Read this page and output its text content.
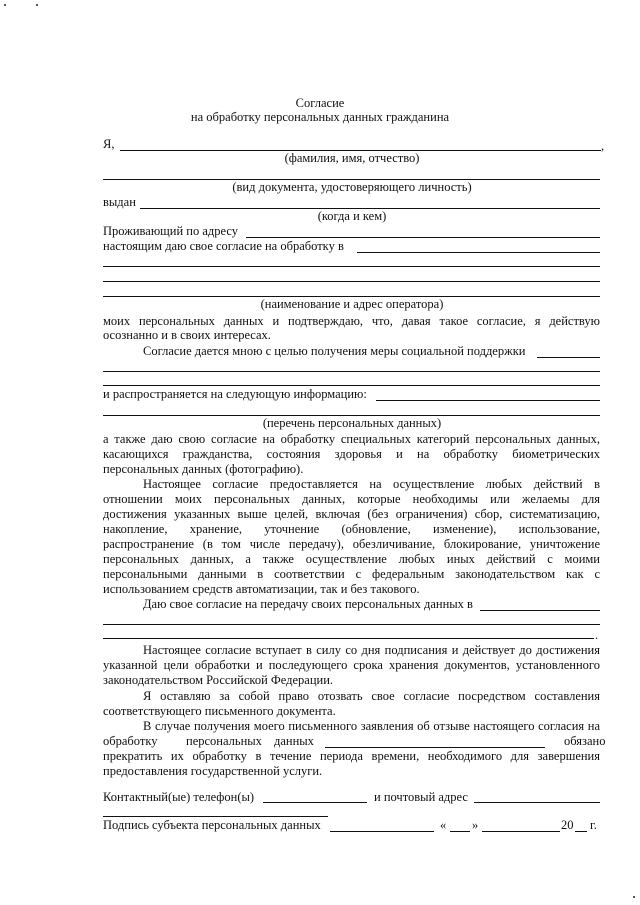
Согласие
на обработку персональных данных гражданина
Я,	,
(фамилия, имя, отчество)
(вид документа, удостоверяющего личность)
выдан
(когда и кем)
Проживающий по адресу
настоящим даю свое согласие на обработку в
(наименование и адрес оператора)
моих персональных данных и подтверждаю, что, давая такое согласие, я действую
осознанно и в своих интересах.
Согласие дается мною с целью получения меры социальной поддержки
и распространяется на следующую информацию:
(перечень персональных данных)
а также даю свою согласие на обработку специальных категорий персональных данных,
касающихся гражданства, состояния здоровья и на обработку биометрических
персональных данных (фотографию).
Настоящее согласие предоставляется на осуществление любых действий в
отношении моих персональных данных, которые необходимы или желаемы для
достижения указанных выше целей, включая (без ограничения) сбор, систематизацию,
накопление, хранение, уточнение (обновление, изменение), использование,
распространение (в том числе передачу), обезличивание, блокирование, уничтожение
персональных данных, а также осуществление любых иных действий с моими
персональными данными в соответствии с федеральным законодательством как с
использованием средств автоматизации, так и без такового.
Даю свое согласие на передачу своих персональных данных в
.
Настоящее согласие вступает в силу со дня подписания и действует до достижения
указанной цели обработки и последующего срока хранения документов, установленного
законодательством Российской Федерации.
Я оставляю за собой право отозвать свое согласие посредством составления
соответствующего письменного документа.
В случае получения моего письменного заявления об отзыве настоящего согласия на
обработку персональных данных	обязано
прекратить их обработку в течение периода времени, необходимого для завершения
предоставления государственной услуги.
Контактный(ые) телефон(ы)	и почтовый адрес
Подпись субъекта персональных данных	« »	20 г.
